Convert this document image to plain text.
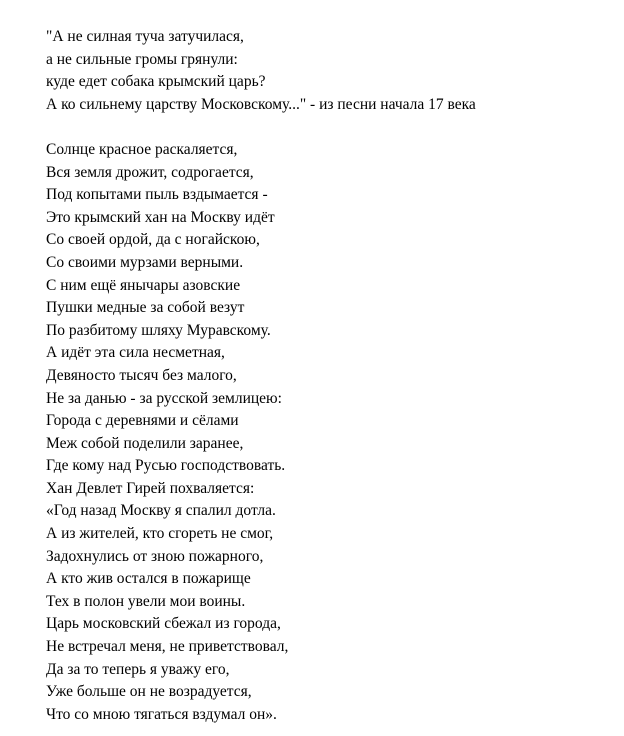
"А не силная туча затучилася,
а не сильные громы грянули:
куде едет собака крымский царь?
А ко сильнему царству Московскому..." - из песни начала 17 века
Солнце красное раскаляется,
Вся земля дрожит, содрогается,
Под копытами пыль вздымается -
Это крымский хан на Москву идёт
Со своей ордой, да с ногайскою,
Со своими мурзами верными.
С ним ещё янычары азовские
Пушки медные за собой везут
По разбитому шляху Муравскому.
А идёт эта сила несметная,
Девяносто тысяч без малого,
Не за данью - за русской землицею:
Города с деревнями и сёлами
Меж собой поделили заранее,
Где кому над Русью господствовать.
Хан Девлет Гирей похваляется:
«Год назад Москву я спалил дотла.
А из жителей, кто сгореть не смог,
Задохнулись от зною пожарного,
А кто жив остался в пожарище
Тех в полон увели мои воины.
Царь московский сбежал из города,
Не встречал меня, не приветствовал,
Да за то теперь я уважу его,
Уже больше он не возрадуется,
Что со мною тягаться вздумал он».
